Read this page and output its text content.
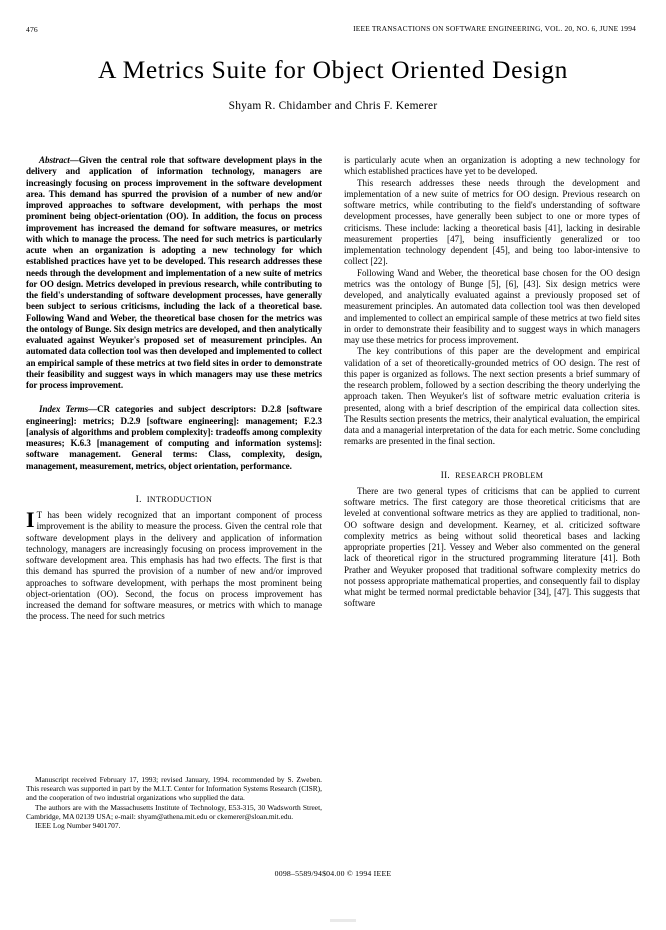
476	IEEE TRANSACTIONS ON SOFTWARE ENGINEERING, VOL. 20, NO. 6, JUNE 1994
A Metrics Suite for Object Oriented Design
Shyam R. Chidamber and Chris F. Kemerer

Abstract—Given the central role that software development plays in the delivery and application of information technology, managers are increasingly focusing on process improvement in the software development area. This demand has spurred the provision of a number of new and/or improved approaches to software development, with perhaps the most prominent being object-orientation (OO). In addition, the focus on process improvement has increased the demand for software measures, or metrics with which to manage the process. The need for such metrics is particularly acute when an organization is adopting a new technology for which established practices have yet to be developed. This research addresses these needs through the development and implementation of a new suite of metrics for OO design. Metrics developed in previous research, while contributing to the field's understanding of software development processes, have generally been subject to serious criticisms, including the lack of a theoretical base. Following Wand and Weber, the theoretical base chosen for the metrics was the ontology of Bunge. Six design metrics are developed, and then analytically evaluated against Weyuker's proposed set of measurement principles. An automated data collection tool was then developed and implemented to collect an empirical sample of these metrics at two field sites in order to demonstrate their feasibility and suggest ways in which managers may use these metrics for process improvement.

Index Terms—CR categories and subject descriptors: D.2.8 [software engineering]: metrics; D.2.9 [software engineering]: management; F.2.3 [analysis of algorithms and problem complexity]: tradeoffs among complexity measures; K.6.3 [management of computing and information systems]: software management. General terms: Class, complexity, design, management, measurement, metrics, object orientation, performance.

I. INTRODUCTION

I T has been widely recognized that an important component of process improvement is the ability to measure the process. Given the central role that software development plays in the delivery and application of information technology, managers are increasingly focusing on process improvement in the software development area. This emphasis has had two effects. The first is that this demand has spurred the provision of a number of new and/or improved approaches to software development, with perhaps the most prominent being object-orientation (OO). Second, the focus on process improvement has increased the demand for software measures, or metrics with which to manage the process. The need for such metrics

is particularly acute when an organization is adopting a new technology for which established practices have yet to be developed.

This research addresses these needs through the development and implementation of a new suite of metrics for OO design. Previous research on software metrics, while contributing to the field's understanding of software development processes, have generally been subject to one or more types of criticisms. These include: lacking a theoretical basis [41], lacking in desirable measurement properties [47], being insufficiently generalized or too implementation technology dependent [45], and being too labor-intensive to collect [22].

Following Wand and Weber, the theoretical base chosen for the OO design metrics was the ontology of Bunge [5], [6], [43]. Six design metrics were developed, and analytically evaluated against a previously proposed set of measurement principles. An automated data collection tool was then developed and implemented to collect an empirical sample of these metrics at two field sites in order to demonstrate their feasibility and to suggest ways in which managers may use these metrics for process improvement.

The key contributions of this paper are the development and empirical validation of a set of theoretically-grounded metrics of OO design. The rest of this paper is organized as follows. The next section presents a brief summary of the research problem, followed by a section describing the theory underlying the approach taken. Then Weyuker's list of software metric evaluation criteria is presented, along with a brief description of the empirical data collection sites. The Results section presents the metrics, their analytical evaluation, the empirical data and a managerial interpretation of the data for each metric. Some concluding remarks are presented in the final section.

II. RESEARCH PROBLEM

There are two general types of criticisms that can be applied to current software metrics. The first category are those theoretical criticisms that are leveled at conventional software metrics as they are applied to traditional, non-OO software design and development. Kearney, et al. criticized software complexity metrics as being without solid theoretical bases and lacking appropriate properties [21]. Vessey and Weber also commented on the general lack of theoretical rigor in the structured programming literature [41]. Both Prather and Weyuker proposed that traditional software complexity metrics do not possess appropriate mathematical properties, and consequently fail to display what might be termed normal predictable behavior [34], [47]. This suggests that software

Manuscript received February 17, 1993; revised January, 1994. recommended by S. Zweben. This research was supported in part by the M.I.T. Center for Information Systems Research (CISR), and the cooperation of two industrial organizations who supplied the data.

The authors are with the Massachusetts Institute of Technology, E53-315, 30 Wadsworth Street, Cambridge, MA 02139 USA; e-mail: shyam@athena.mit.edu or ckemerer@sloan.mit.edu.

IEEE Log Number 9401707.

0098–5589/94$04.00 © 1994 IEEE
